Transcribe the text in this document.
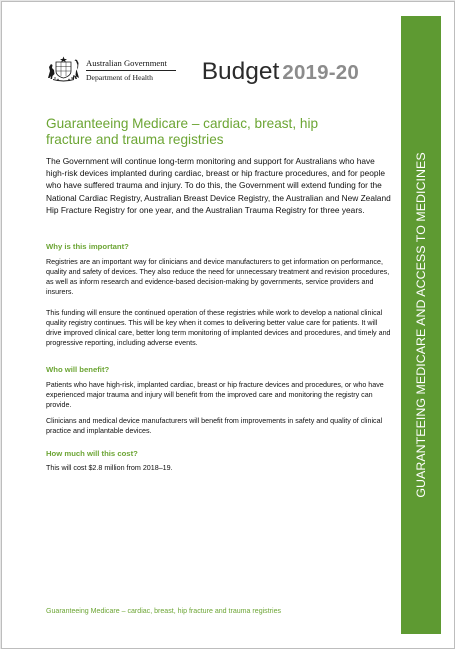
Australian Government
Department of Health	Budget 2019-20
Guaranteeing Medicare – cardiac, breast, hip fracture and trauma registries

The Government will continue long-term monitoring and support for Australians who have high-risk devices implanted during cardiac, breast or hip fracture procedures, and for people who have suffered trauma and injury. To do this, the Government will extend funding for the National Cardiac Registry, Australian Breast Device Registry, the Australian and New Zealand Hip Fracture Registry for one year, and the Australian Trauma Registry for three years.

Why is this important?

Registries are an important way for clinicians and device manufacturers to get information on performance, quality and safety of devices. They also reduce the need for unnecessary treatment and revision procedures, as well as inform research and evidence-based decision-making by governments, service providers and insurers.

This funding will ensure the continued operation of these registries while work to develop a national clinical quality registry continues. This will be key when it comes to delivering better value care for patients. It will drive improved clinical care, better long term monitoring of implanted devices and procedures, and timely and progressive reporting, including adverse events.

Who will benefit?

Patients who have high-risk, implanted cardiac, breast or hip fracture devices and procedures, or who have experienced major trauma and injury will benefit from the improved care and monitoring the registry can provide.

Clinicians and medical device manufacturers will benefit from improvements in safety and quality of clinical practice and implantable devices.

How much will this cost?

This will cost $2.8 million from 2018–19.

Guaranteeing Medicare – cardiac, breast, hip fracture and trauma registries

GUARANTEEING MEDICARE AND ACCESS TO MEDICINES
